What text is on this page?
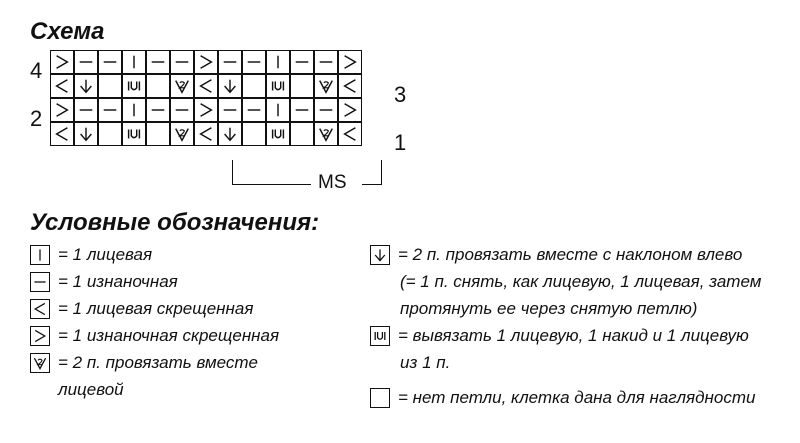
Схема
4
2
3
1
MS
Условные обозначения:
= 1 лицевая
= 1 изнаночная
= 1 лицевая скрещенная
= 1 изнаночная скрещенная
= 2 п. провязать вместе
лицевой
= 2 п. провязать вместе с наклоном влево
(= 1 п. снять, как лицевую, 1 лицевая, затем
протянуть ее через снятую петлю)
= вывязать 1 лицевую, 1 накид и 1 лицевую
из 1 п.
= нет петли, клетка дана для наглядности
